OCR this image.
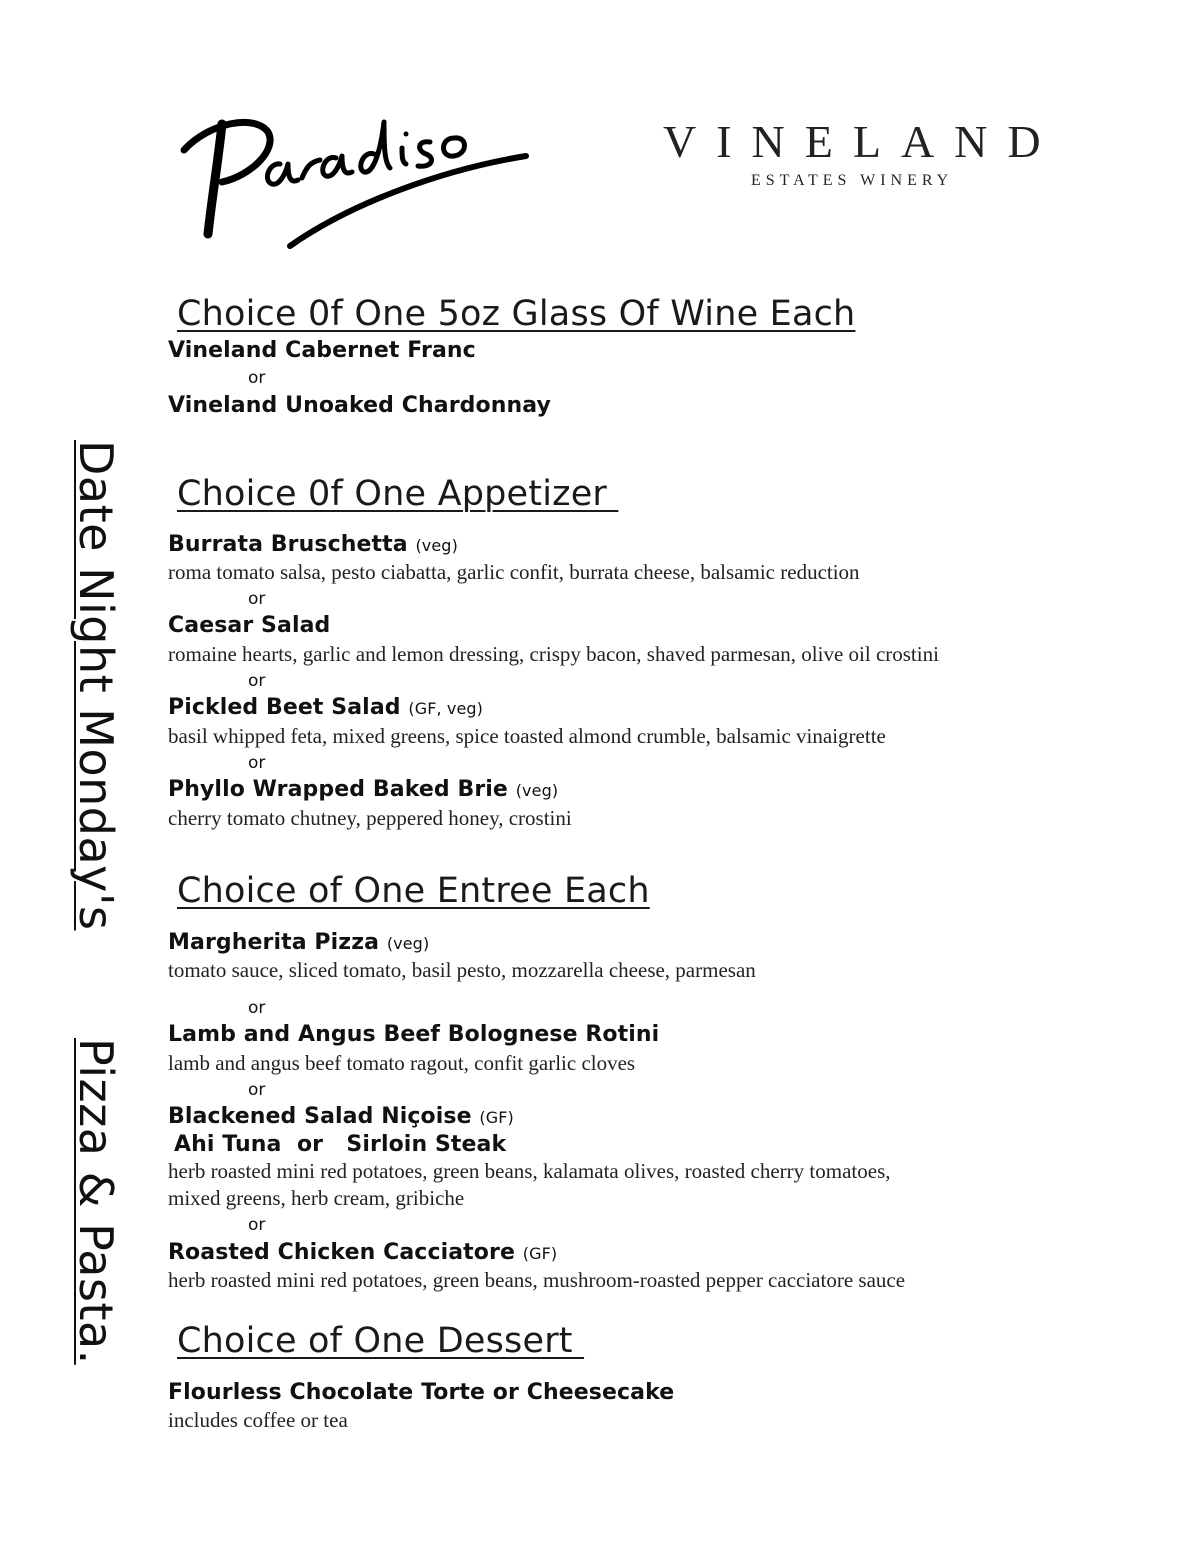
VINELAND
ESTATES WINERY
Date Night Monday's
Pizza & Pasta.
Choice 0f One 5oz Glass Of Wine Each
Vineland Cabernet Franc
or
Vineland Unoaked Chardonnay
Choice 0f One Appetizer
Burrata Bruschetta (veg)
roma tomato salsa, pesto ciabatta, garlic confit, burrata cheese, balsamic reduction
or
Caesar Salad
romaine hearts, garlic and lemon dressing, crispy bacon, shaved parmesan, olive oil crostini
or
Pickled Beet Salad (GF, veg)
basil whipped feta, mixed greens, spice toasted almond crumble, balsamic vinaigrette
or
Phyllo Wrapped Baked Brie (veg)
cherry tomato chutney, peppered honey, crostini
Choice of One Entree Each
Margherita Pizza (veg)
tomato sauce, sliced tomato, basil pesto, mozzarella cheese, parmesan
or
Lamb and Angus Beef Bolognese Rotini
lamb and angus beef tomato ragout, confit garlic cloves
or
Blackened Salad Niçoise (GF)
Ahi Tuna  or   Sirloin Steak
herb roasted mini red potatoes, green beans, kalamata olives, roasted cherry tomatoes,
mixed greens, herb cream, gribiche
or
Roasted Chicken Cacciatore (GF)
herb roasted mini red potatoes, green beans, mushroom-roasted pepper cacciatore sauce
Choice of One Dessert
Flourless Chocolate Torte or Cheesecake
includes coffee or tea
